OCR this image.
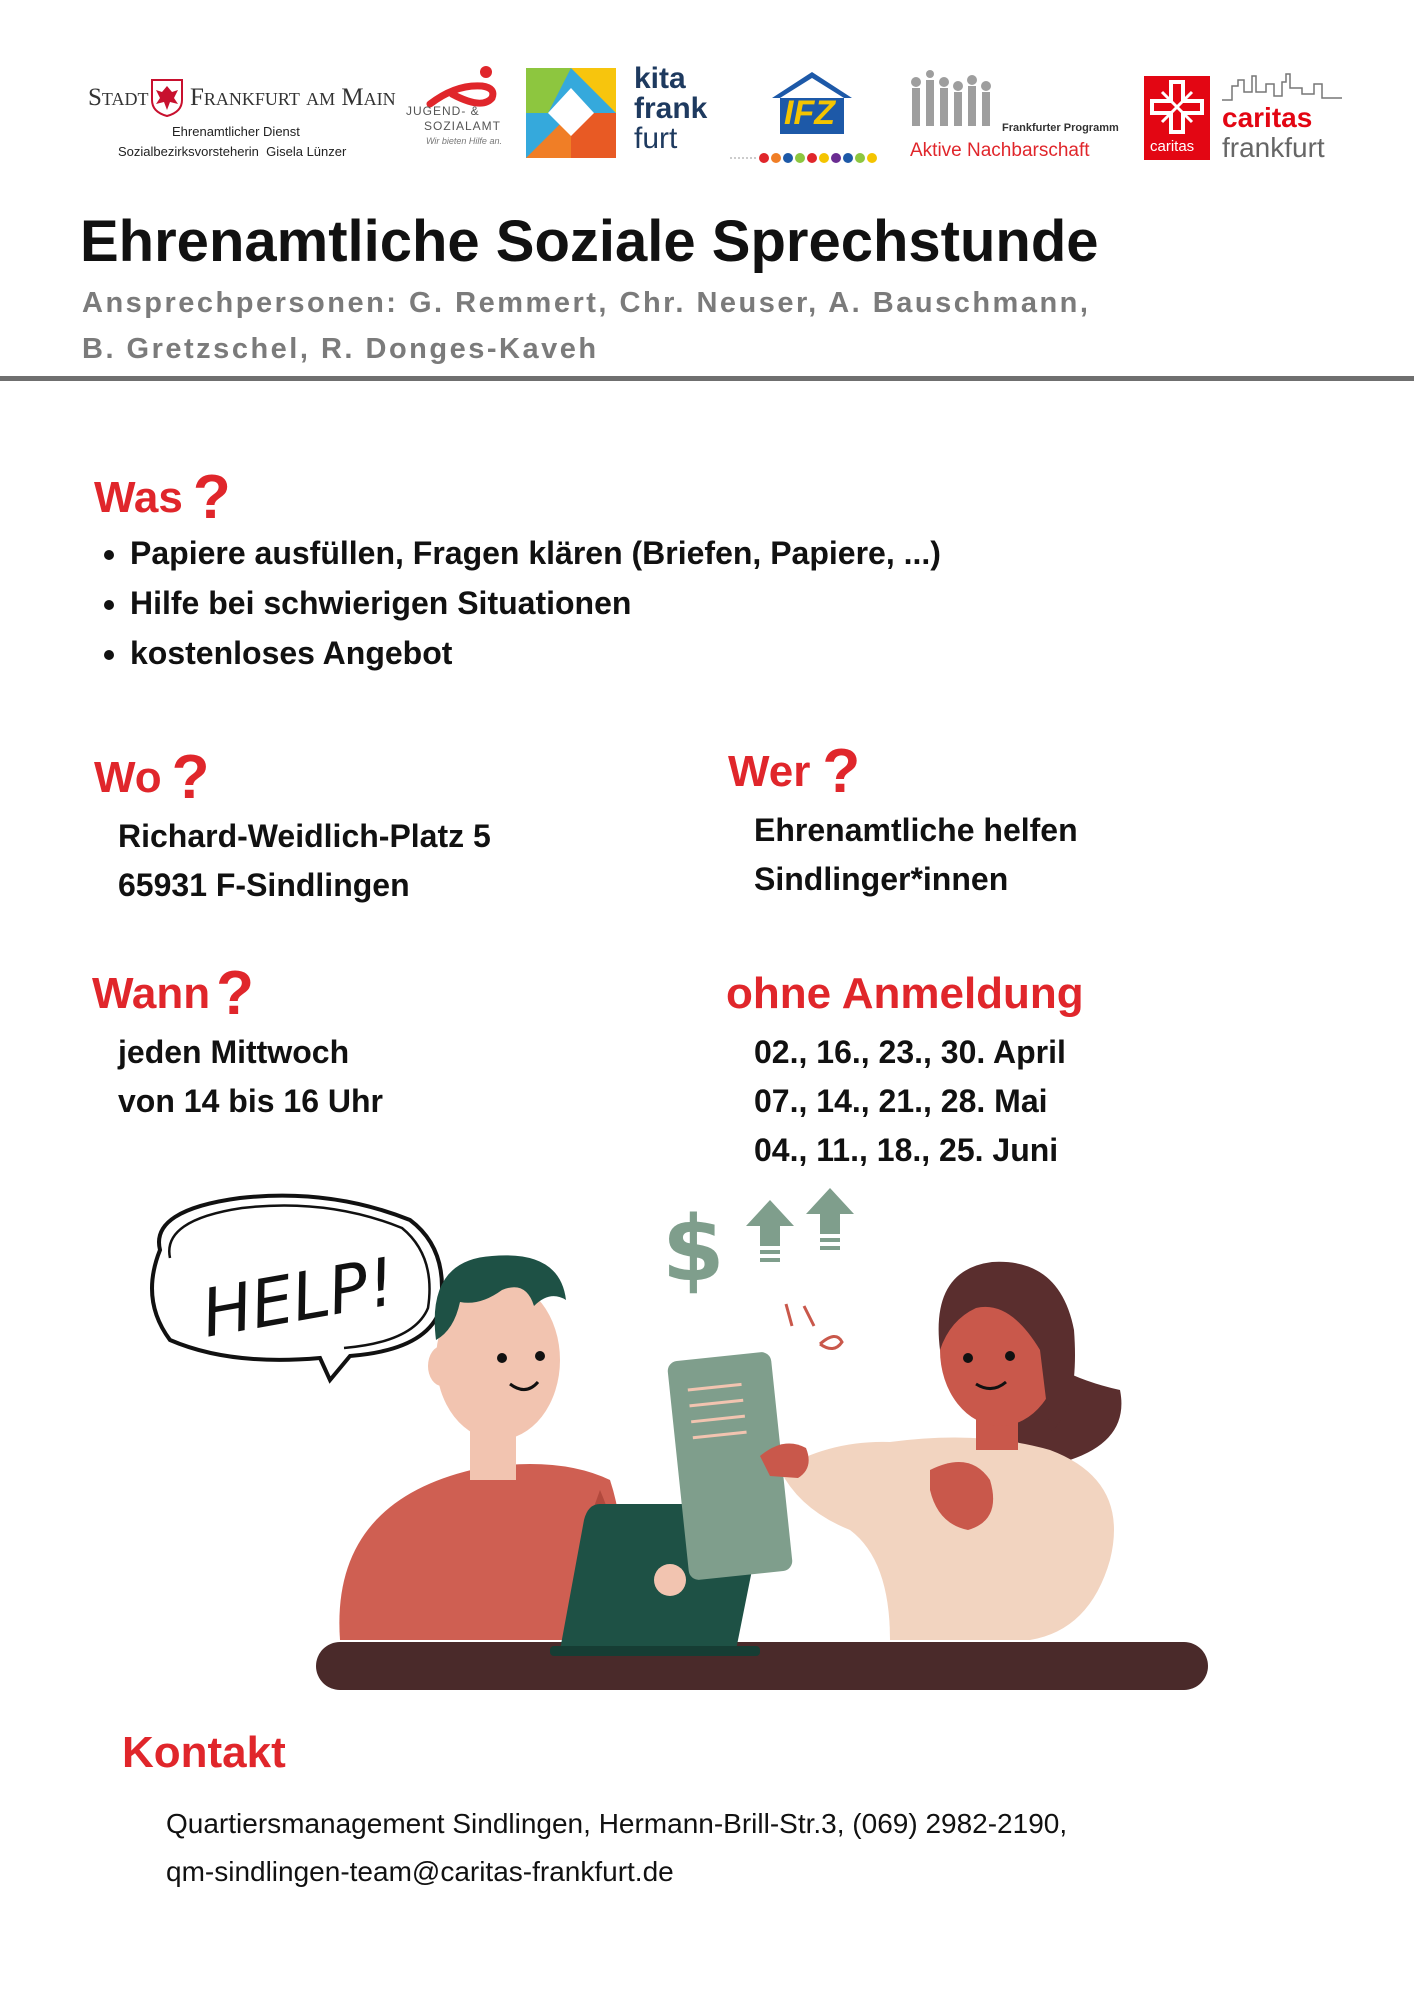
Stadt Frankfurt am Main
Ehrenamtlicher Dienst
Sozialbezirksvorsteherin  Gisela Lünzer
JUGEND- &
SOZIALAMT
Wir bieten Hilfe an.
kita
frank
furt
IFZ	Frankfurter Programm
Aktive Nachbarschaft	caritas
caritas
frankfurt
Ehrenamtliche Soziale Sprechstunde
Ansprechpersonen: G. Remmert, Chr. Neuser, A. Bauschmann,
B. Gretzschel, R. Donges-Kaveh
Was ?
• Papiere ausfüllen, Fragen klären (Briefen, Papiere, ...)
• Hilfe bei schwierigen Situationen
• kostenloses Angebot
Wo ?
Richard-Weidlich-Platz 5
65931 F-Sindlingen
Wer ?
Ehrenamtliche helfen
Sindlinger*innen
Wann ?
jeden Mittwoch
von 14 bis 16 Uhr
ohne Anmeldung
02., 16., 23., 30. April
07., 14., 21., 28. Mai
04., 11., 18., 25. Juni
HELP!	$
Kontakt
Quartiersmanagement Sindlingen, Hermann-Brill-Str.3, (069) 2982-2190,
qm-sindlingen-team@caritas-frankfurt.de
